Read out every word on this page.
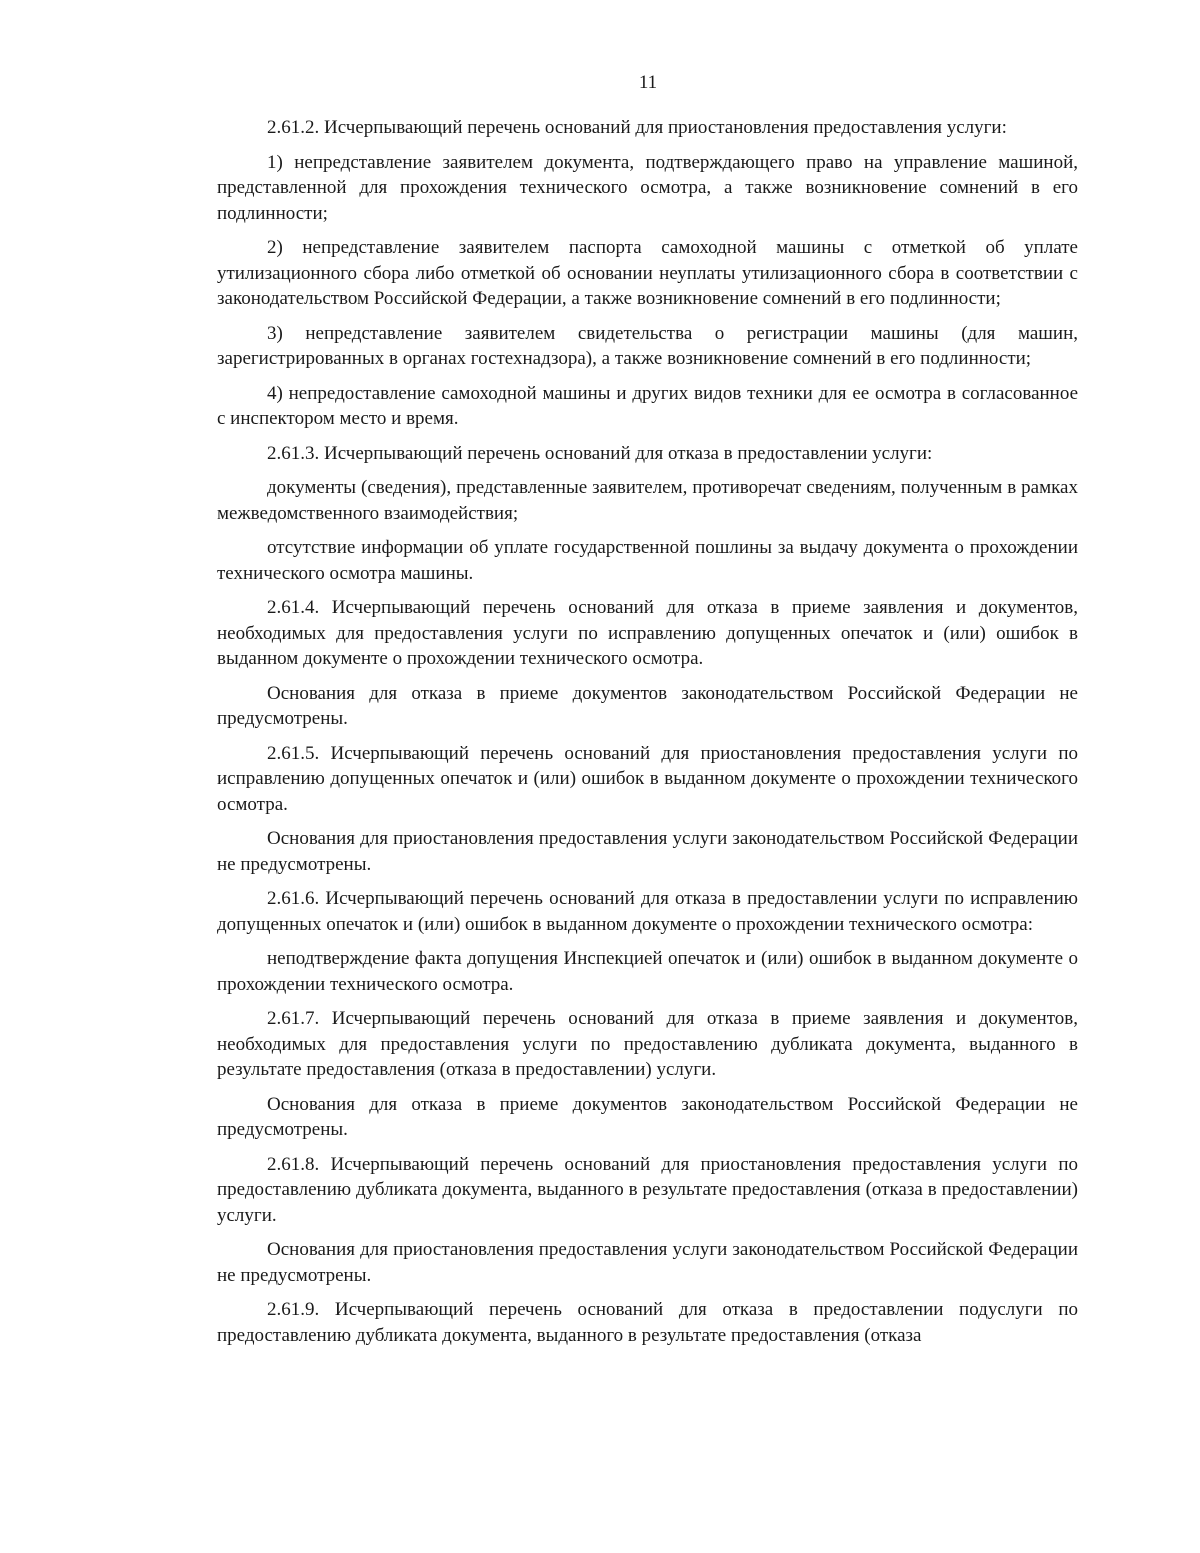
11

2.61.2. Исчерпывающий перечень оснований для приостановления предоставления услуги:

1) непредставление заявителем документа, подтверждающего право на управление машиной, представленной для прохождения технического осмотра, а также возникновение сомнений в его подлинности;

2) непредставление заявителем паспорта самоходной машины с отметкой об уплате утилизационного сбора либо отметкой об основании неуплаты утилизационного сбора в соответствии с законодательством Российской Федерации, а также возникновение сомнений в его подлинности;

3) непредставление заявителем свидетельства о регистрации машины (для машин, зарегистрированных в органах гостехнадзора), а также возникновение сомнений в его подлинности;

4) непредоставление самоходной машины и других видов техники для ее осмотра в согласованное с инспектором место и время.

2.61.3. Исчерпывающий перечень оснований для отказа в предоставлении услуги:

документы (сведения), представленные заявителем, противоречат сведениям, полученным в рамках межведомственного взаимодействия;

отсутствие информации об уплате государственной пошлины за выдачу документа о прохождении технического осмотра машины.

2.61.4. Исчерпывающий перечень оснований для отказа в приеме заявления и документов, необходимых для предоставления услуги по исправлению допущенных опечаток и (или) ошибок в выданном документе о прохождении технического осмотра.

Основания для отказа в приеме документов законодательством Российской Федерации не предусмотрены.

2.61.5. Исчерпывающий перечень оснований для приостановления предоставления услуги по исправлению допущенных опечаток и (или) ошибок в выданном документе о прохождении технического осмотра.

Основания для приостановления предоставления услуги законодательством Российской Федерации не предусмотрены.

2.61.6. Исчерпывающий перечень оснований для отказа в предоставлении услуги по исправлению допущенных опечаток и (или) ошибок в выданном документе о прохождении технического осмотра:

неподтверждение факта допущения Инспекцией опечаток и (или) ошибок в выданном документе о прохождении технического осмотра.

2.61.7. Исчерпывающий перечень оснований для отказа в приеме заявления и документов, необходимых для предоставления услуги по предоставлению дубликата документа, выданного в результате предоставления (отказа в предоставлении) услуги.

Основания для отказа в приеме документов законодательством Российской Федерации не предусмотрены.

2.61.8. Исчерпывающий перечень оснований для приостановления предоставления услуги по предоставлению дубликата документа, выданного в результате предоставления (отказа в предоставлении) услуги.

Основания для приостановления предоставления услуги законодательством Российской Федерации не предусмотрены.

2.61.9. Исчерпывающий перечень оснований для отказа в предоставлении подуслуги по предоставлению дубликата документа, выданного в результате предоставления (отказа
